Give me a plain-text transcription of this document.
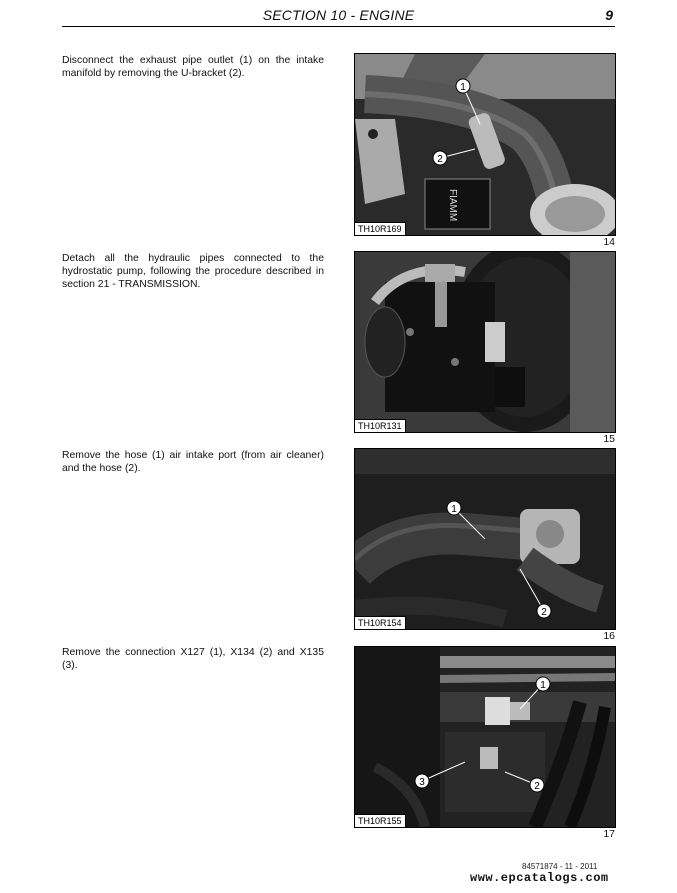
SECTION 10 - ENGINE	9
Disconnect the exhaust pipe outlet (1) on the intake manifold by removing the U-bracket (2).
FIAMM
1
2
TH10R169
14
Detach all the hydraulic pipes connected to the hydrostatic pump, following the procedure described in section 21 - TRANSMISSION.
TH10R131
15
Remove the hose (1) air intake port (from air cleaner) and the hose (2).
1
2
TH10R154
16
Remove the connection X127 (1), X134 (2) and X135 (3).
1
2
3
TH10R155
17
84571874 - 11 - 2011
www.epcatalogs.com
